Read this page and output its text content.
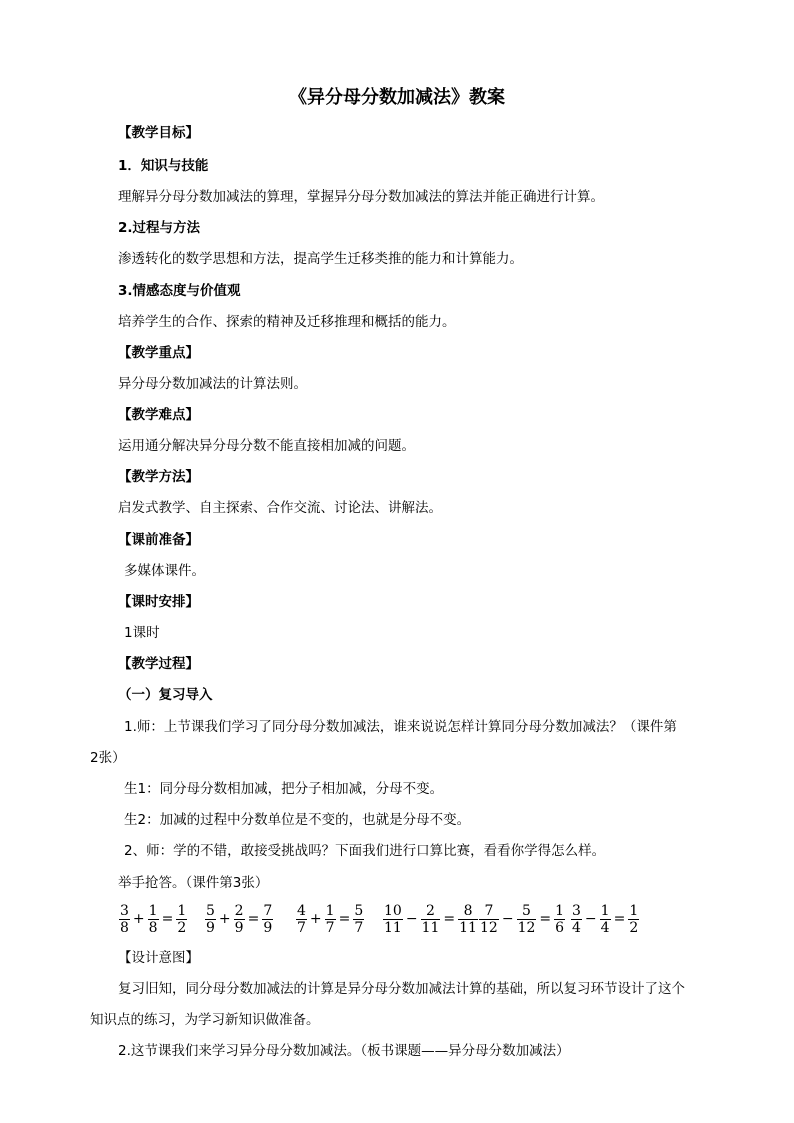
《异分母分数加减法》教案
【教学目标】
1．知识与技能
理解异分母分数加减法的算理，掌握异分母分数加减法的算法并能正确进行计算。
2.过程与方法
渗透转化的数学思想和方法，提高学生迁移类推的能力和计算能力。
3.情感态度与价值观
培养学生的合作、探索的精神及迁移推理和概括的能力。
【教学重点】
异分母分数加减法的计算法则。
【教学难点】
运用通分解决异分母分数不能直接相加减的问题。
【教学方法】
启发式教学、自主探索、合作交流、讨论法、讲解法。
【课前准备】
多媒体课件。
【课时安排】
1课时
【教学过程】
（一）复习导入
1.师：上节课我们学习了同分母分数加减法，谁来说说怎样计算同分母分数加减法？（课件第
2张）
生1：同分母分数相加减，把分子相加减，分母不变。
生2：加减的过程中分数单位是不变的，也就是分母不变。
2、师：学的不错，敢接受挑战吗？下面我们进行口算比赛，看看你学得怎么样。
举手抢答。（课件第3张）
$\frac{3}{8} + \frac{1}{8} = \frac{1}{2} \frac{5}{9} + \frac{2}{9} = \frac{7}{9} \frac{4}{7} + \frac{1}{7} = \frac{5}{7} \frac{10}{11} - \frac{2}{11} = \frac{8}{11} \frac{7}{12} - \frac{5}{12} = \frac{1}{6} \frac{3}{4} - \frac{1}{4} = \frac{1}{2}$
【设计意图】
复习旧知，同分母分数加减法的计算是异分母分数加减法计算的基础，所以复习环节设计了这个
知识点的练习，为学习新知识做准备。
2.这节课我们来学习异分母分数加减法。（板书课题——异分母分数加减法）
